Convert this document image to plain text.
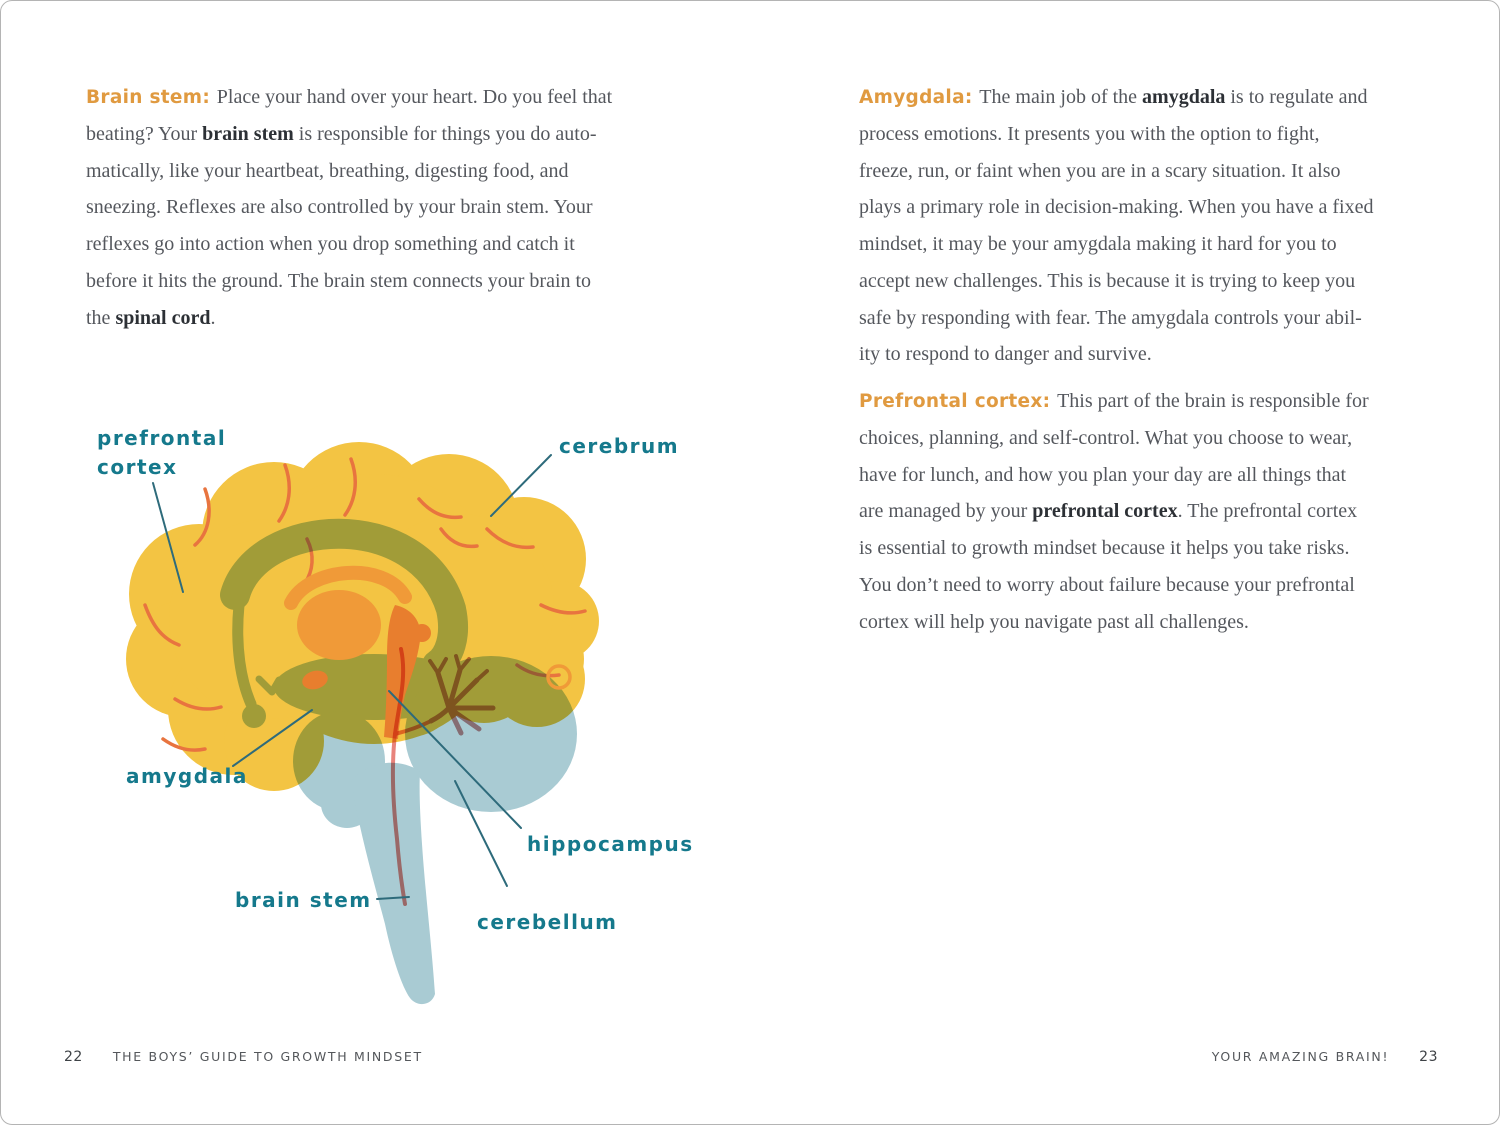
Brain stem: Place your hand over your heart. Do you feel that
beating? Your brain stem is responsible for things you do auto-
matically, like your heartbeat, breathing, digesting food, and
sneezing. Reflexes are also controlled by your brain stem. Your
reflexes go into action when you drop something and catch it
before it hits the ground. The brain stem connects your brain to
the spinal cord.
prefrontal
cortex
cerebrum
amygdala
hippocampus
brain stem
cerebellum
22 THE BOYS’ GUIDE TO GROWTH MINDSET
Amygdala: The main job of the amygdala is to regulate and
process emotions. It presents you with the option to fight,
freeze, run, or faint when you are in a scary situation. It also
plays a primary role in decision-making. When you have a fixed
mindset, it may be your amygdala making it hard for you to
accept new challenges. This is because it is trying to keep you
safe by responding with fear. The amygdala controls your abil-
ity to respond to danger and survive.
Prefrontal cortex: This part of the brain is responsible for
choices, planning, and self-control. What you choose to wear,
have for lunch, and how you plan your day are all things that
are managed by your prefrontal cortex. The prefrontal cortex
is essential to growth mindset because it helps you take risks.
You don’t need to worry about failure because your prefrontal
cortex will help you navigate past all challenges.
YOUR AMAZING BRAIN! 23
